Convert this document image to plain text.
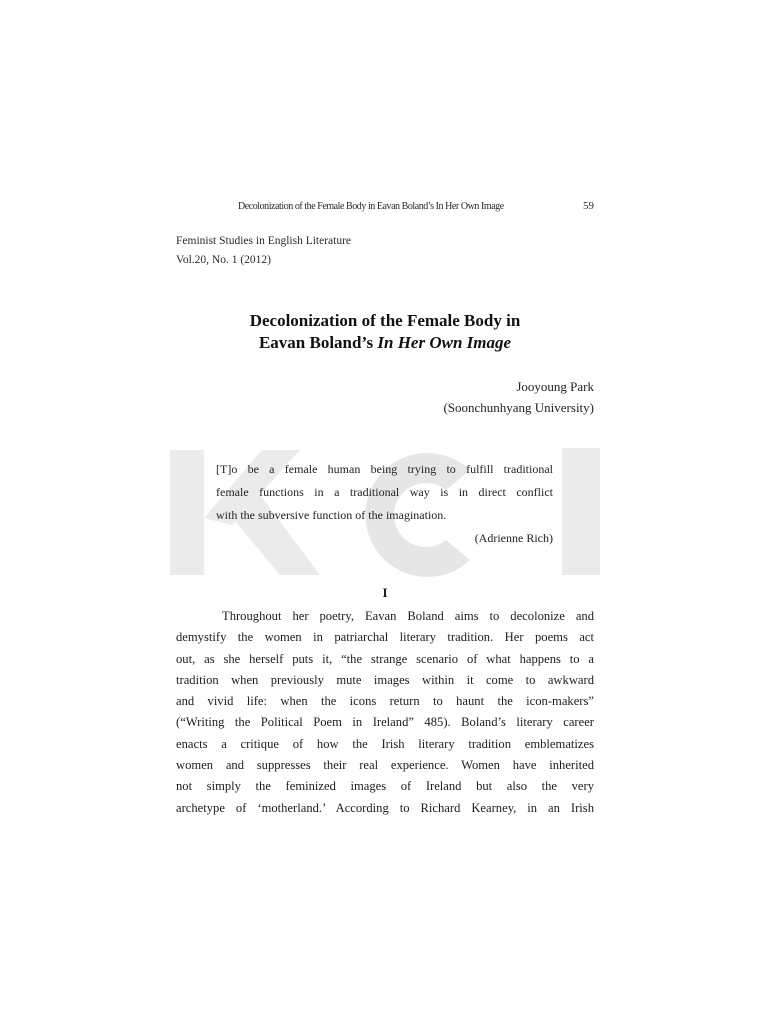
Decolonization of the Female Body in Eavan Boland’s In Her Own Image	59
Feminist Studies in English Literature
Vol.20, No. 1 (2012)
Decolonization of the Female Body in
Eavan Boland’s In Her Own Image
Jooyoung Park
(Soonchunhyang University)
[T]o be a female human being trying to fulfill traditional
female functions in a traditional way is in direct conflict
with the subversive function of the imagination.
(Adrienne Rich)
I
Throughout her poetry, Eavan Boland aims to decolonize and
demystify the women in patriarchal literary tradition. Her poems act
out, as she herself puts it, “the strange scenario of what happens to a
tradition when previously mute images within it come to awkward
and vivid life: when the icons return to haunt the icon-makers”
(“Writing the Political Poem in Ireland” 485). Boland’s literary career
enacts a critique of how the Irish literary tradition emblematizes
women and suppresses their real experience. Women have inherited
not simply the feminized images of Ireland but also the very
archetype of ‘motherland.’ According to Richard Kearney, in an Irish
